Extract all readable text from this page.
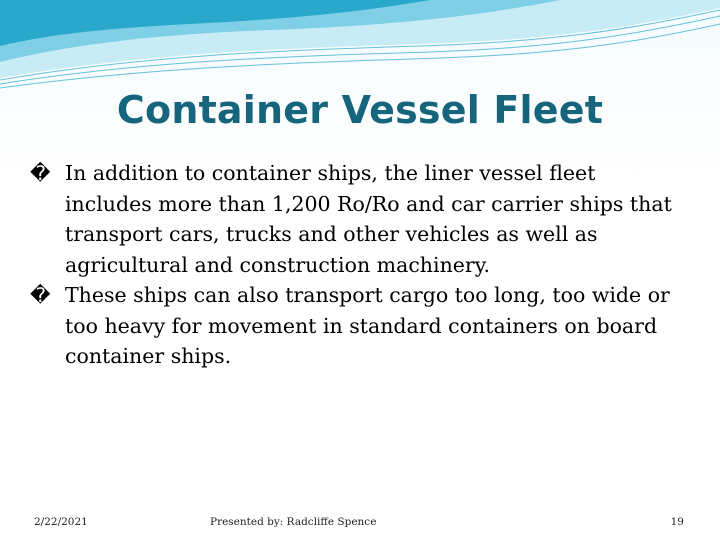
Container Vessel Fleet
� In addition to container ships, the liner vessel fleet includes more than 1,200 Ro/Ro and car carrier ships that transport cars, trucks and other vehicles as well as agricultural and construction machinery.
� These ships can also transport cargo too long, too wide or too heavy for movement in standard containers on board container ships.
2/22/2021	Presented by: Radcliffe Spence	19
